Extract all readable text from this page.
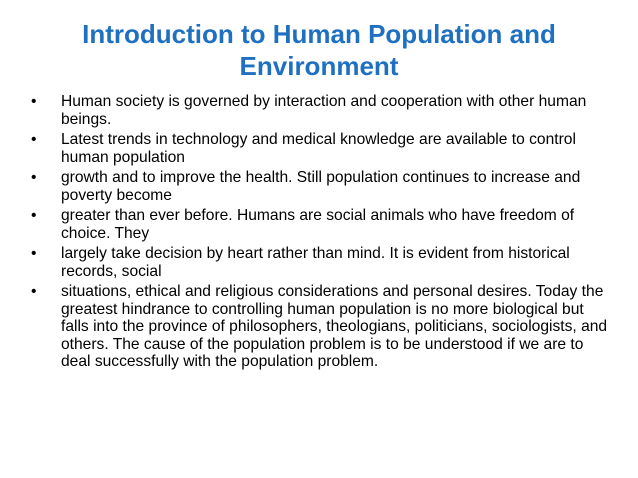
Introduction to Human Population and
Environment
•	Human society is governed by interaction and cooperation with other human beings.
•	Latest trends in technology and medical knowledge are available to control human population
•	growth and to improve the health. Still population continues to increase and poverty become
•	greater than ever before. Humans are social animals who have freedom of choice. They
•	largely take decision by heart rather than mind. It is evident from historical records, social
•	situations, ethical and religious considerations and personal desires. Today the greatest hindrance to controlling human population is no more biological but falls into the province of philosophers, theologians, politicians, sociologists, and others. The cause of the population problem is to be understood if we are to deal successfully with the population problem.
